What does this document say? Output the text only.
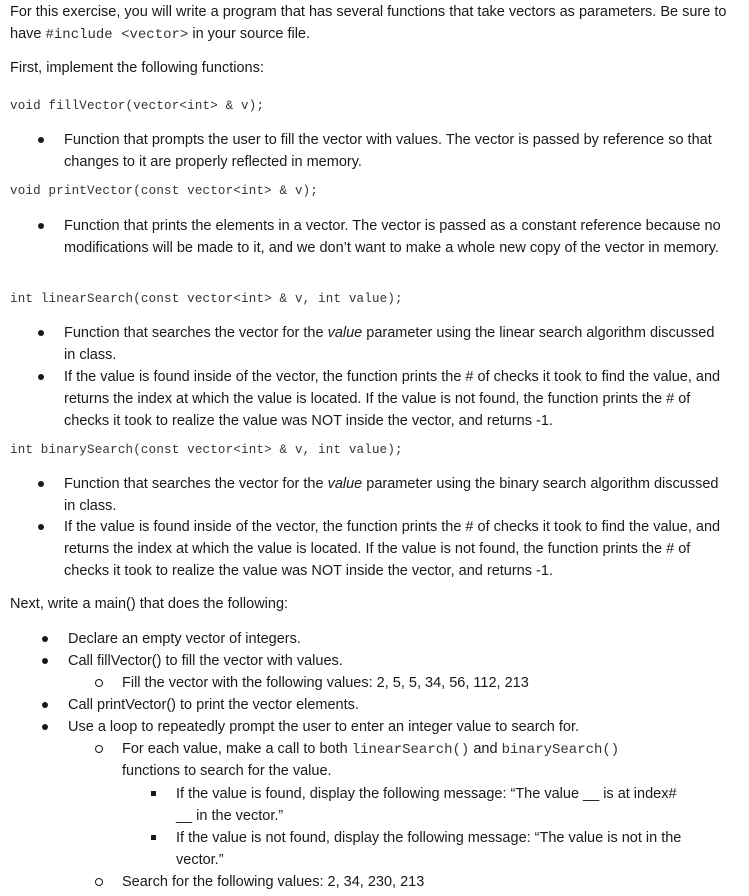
For this exercise, you will write a program that has several functions that take vectors as parameters. Be sure to have #include <vector> in your source file.
First, implement the following functions:
void fillVector(vector<int> & v);
Function that prompts the user to fill the vector with values. The vector is passed by reference so that changes to it are properly reflected in memory.
void printVector(const vector<int> & v);
Function that prints the elements in a vector. The vector is passed as a constant reference because no modifications will be made to it, and we don’t want to make a whole new copy of the vector in memory.
int linearSearch(const vector<int> & v, int value);
Function that searches the vector for the value parameter using the linear search algorithm discussed in class.
If the value is found inside of the vector, the function prints the # of checks it took to find the value, and returns the index at which the value is located. If the value is not found, the function prints the # of checks it took to realize the value was NOT inside the vector, and returns -1.
int binarySearch(const vector<int> & v, int value);
Function that searches the vector for the value parameter using the binary search algorithm discussed in class.
If the value is found inside of the vector, the function prints the # of checks it took to find the value, and returns the index at which the value is located. If the value is not found, the function prints the # of checks it took to realize the value was NOT inside the vector, and returns -1.
Next, write a main() that does the following:
Declare an empty vector of integers.
Call fillVector() to fill the vector with values.
Fill the vector with the following values: 2, 5, 5, 34, 56, 112, 213
Call printVector() to print the vector elements.
Use a loop to repeatedly prompt the user to enter an integer value to search for.
For each value, make a call to both linearSearch() and binarySearch()
functions to search for the value.
If the value is found, display the following message: “The value __ is at index#
__ in the vector.”
If the value is not found, display the following message: “The value is not in the
vector.”
Search for the following values: 2, 34, 230, 213
